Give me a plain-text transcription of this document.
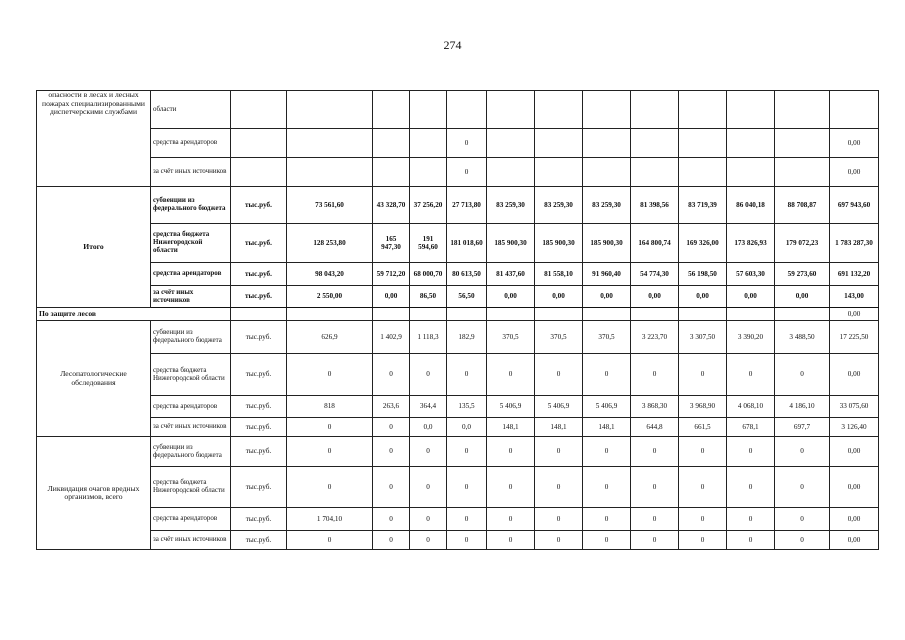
274
опасности в лесах и лесных пожарах специализированными диспетчерскими службами	области													
	средства арендаторов					0								0,00
	за счёт иных источников					0								0,00
Итого	субвенции из федерального бюджета	тыс.руб.	73 561,60	43 328,70	37 256,20	27 713,80	83 259,30	83 259,30	83 259,30	81 398,56	83 719,39	86 040,18	88 708,87	697 943,60
	средства бюджета Нижегородской области	тыс.руб.	128 253,80	165 947,30	191 594,60	181 018,60	185 900,30	185 900,30	185 900,30	164 800,74	169 326,00	173 826,93	179 072,23	1 783 287,30
	средства арендаторов	тыс.руб.	98 043,20	59 712,20	68 000,70	80 613,50	81 437,60	81 558,10	91 960,40	54 774,30	56 198,50	57 603,30	59 273,60	691 132,20
	за счёт иных источников	тыс.руб.	2 550,00	0,00	86,50	56,50	0,00	0,00	0,00	0,00	0,00	0,00	0,00	143,00
По защите лесов														0,00
Лесопатологические обследования	субвенции из федерального бюджета	тыс.руб.	626,9	1 402,9	1 118,3	182,9	370,5	370,5	370,5	3 223,70	3 307,50	3 390,20	3 488,50	17 225,50
	средства бюджета Нижегородской области	тыс.руб.	0	0	0	0	0	0	0	0	0	0	0	0,00
	средства арендаторов	тыс.руб.	818	263,6	364,4	135,5	5 406,9	5 406,9	5 406,9	3 868,30	3 968,90	4 068,10	4 186,10	33 075,60
	за счёт иных источников	тыс.руб.	0	0	0,0	0,0	148,1	148,1	148,1	644,8	661,5	678,1	697,7	3 126,40
Ликвидация очагов вредных организмов, всего	субвенции из федерального бюджета	тыс.руб.	0	0	0	0	0	0	0	0	0	0	0	0,00
	средства бюджета Нижегородской области	тыс.руб.	0	0	0	0	0	0	0	0	0	0	0	0,00
	средства арендаторов	тыс.руб.	1 704,10	0	0	0	0	0	0	0	0	0	0	0,00
	за счёт иных источников	тыс.руб.	0	0	0	0	0	0	0	0	0	0	0	0,00
